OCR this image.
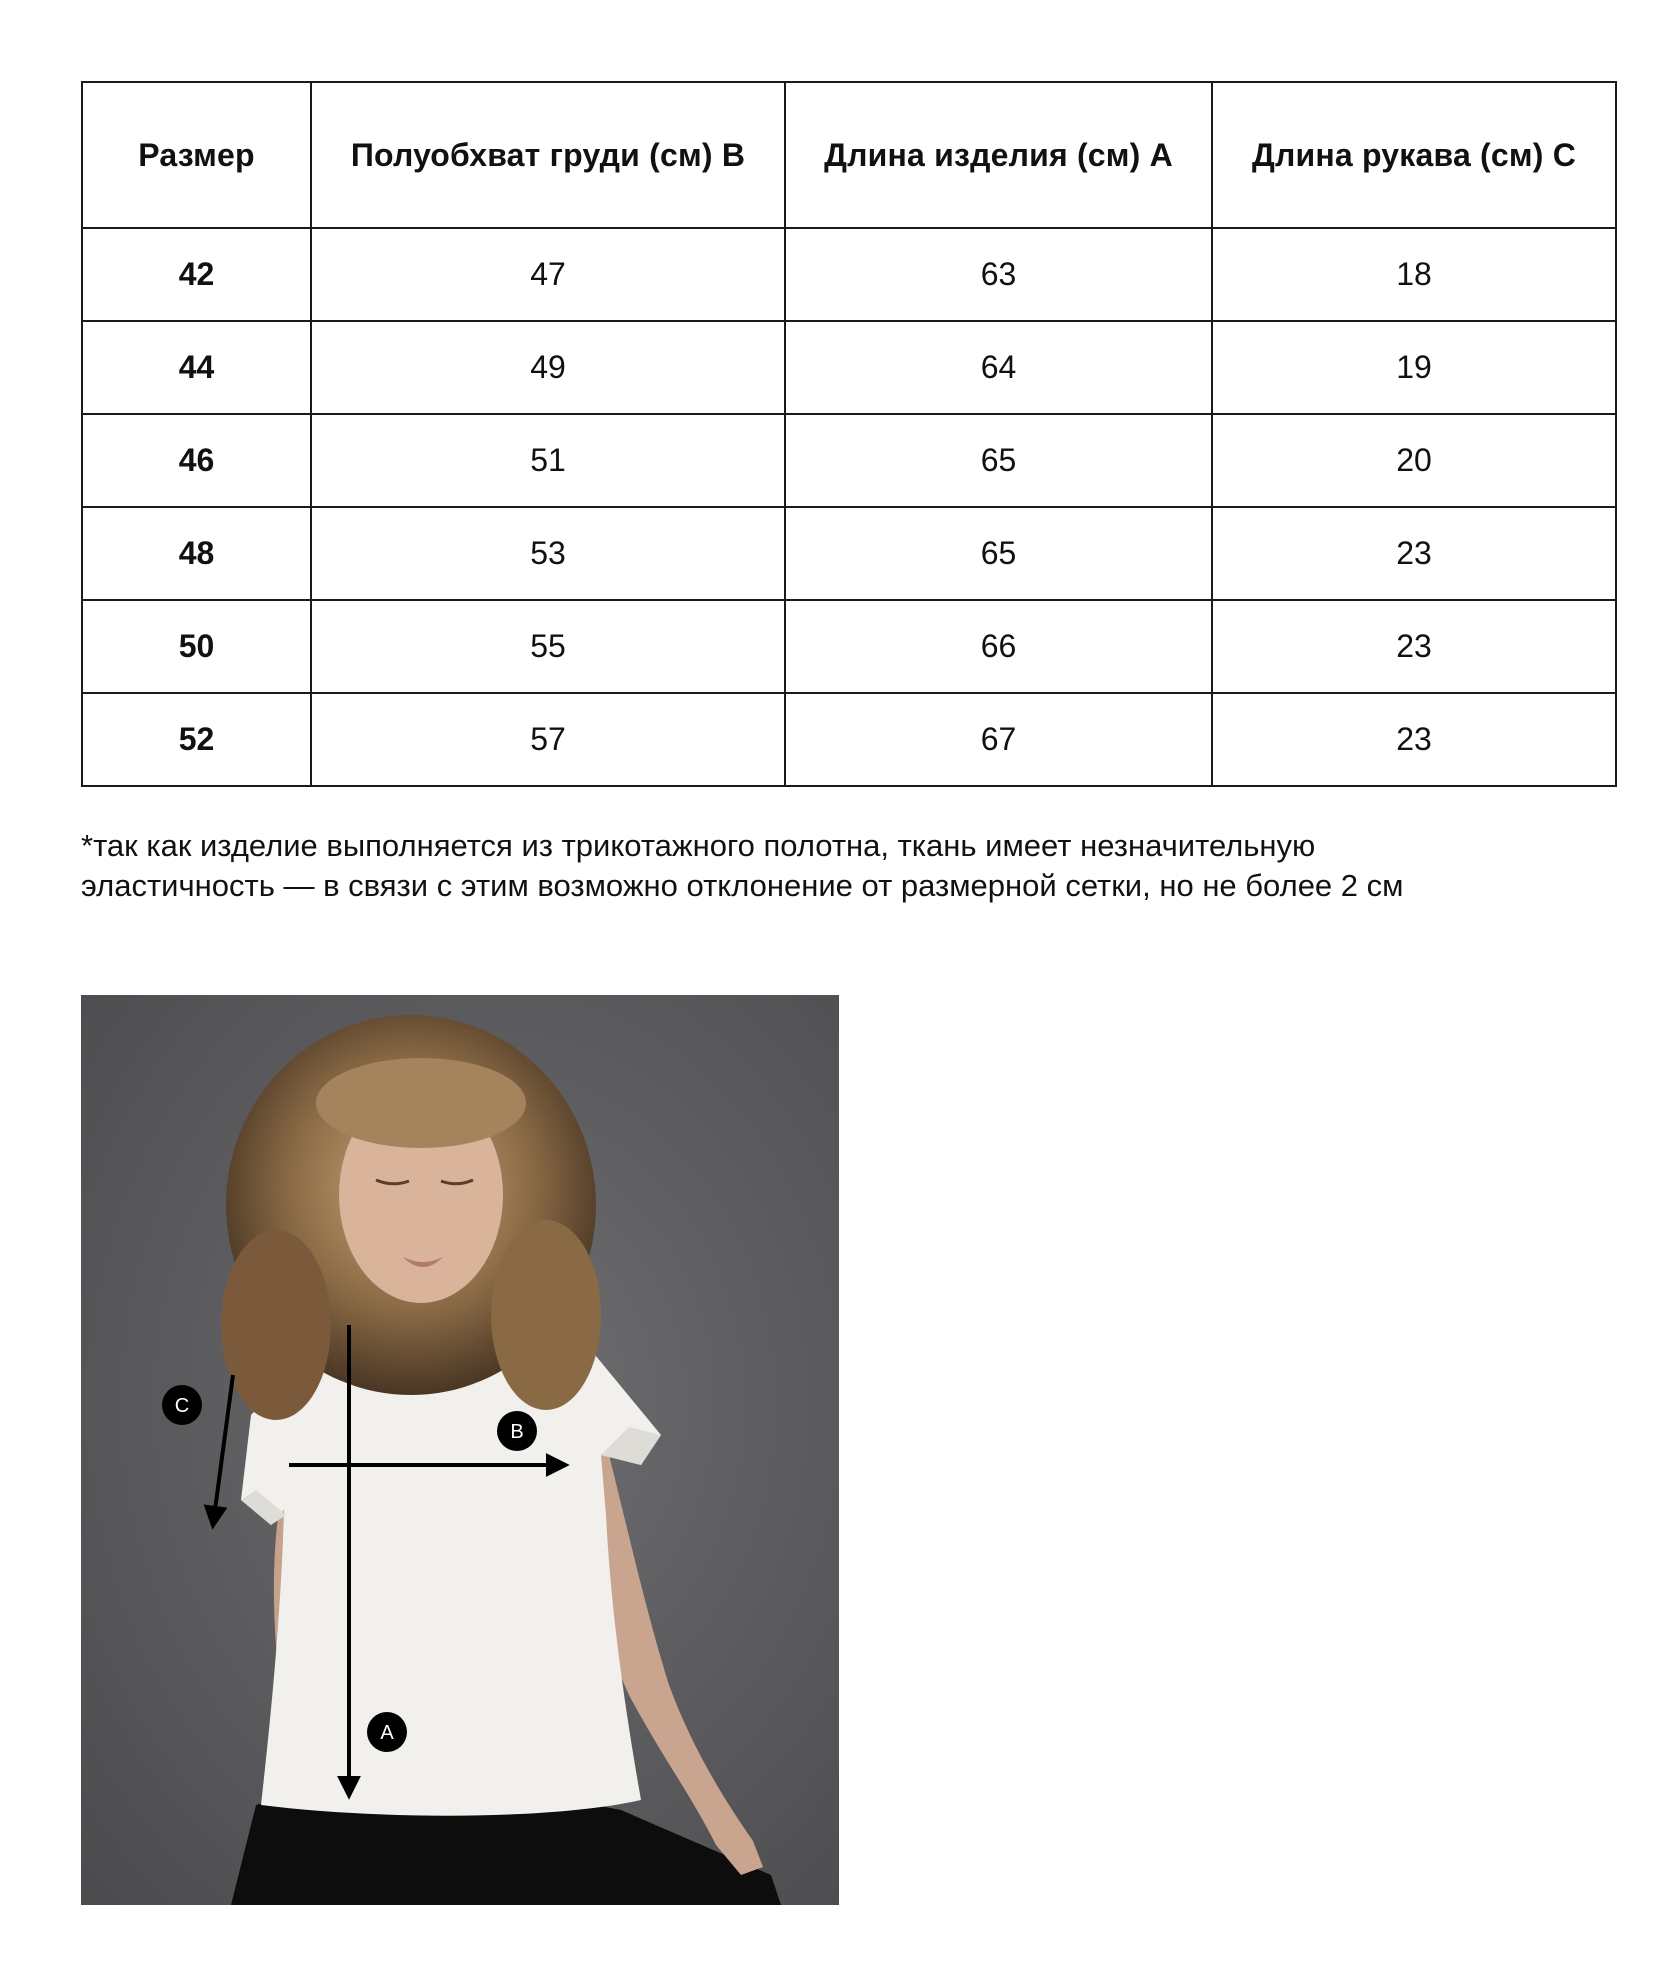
Размер	Полуобхват груди (см) B	Длина изделия (см) A	Длина рукава (см) C
42	47	63	18
44	49	64	19
46	51	65	20
48	53	65	23
50	55	66	23
52	57	67	23

*так как изделие выполняется из трикотажного полотна, ткань имеет незначительную
эластичность — в связи с этим возможно отклонение от размерной сетки, но не более 2 см

C
B
A
